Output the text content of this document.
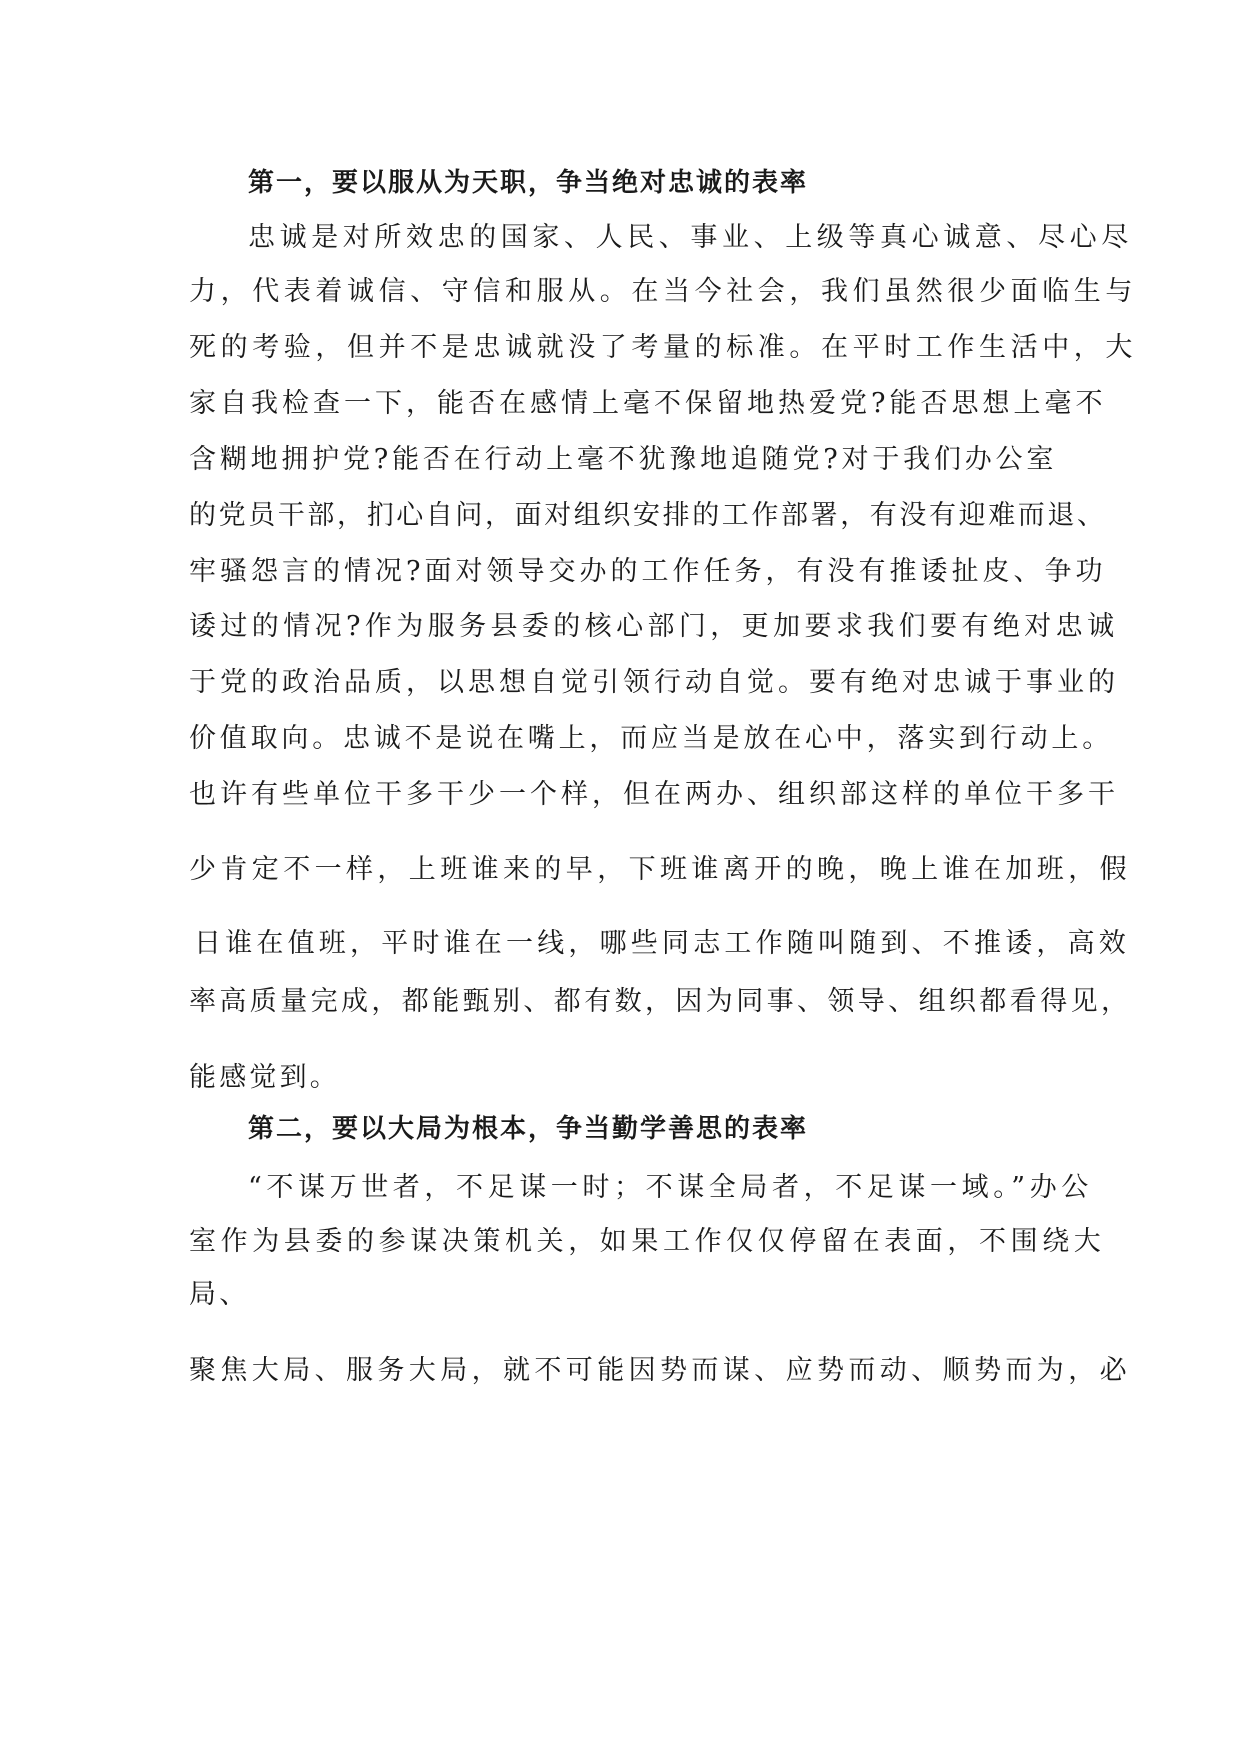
第一，要以服从为天职，争当绝对忠诚的表率
忠诚是对所效忠的国家、人民、事业、上级等真心诚意、尽心尽
力，代表着诚信、守信和服从。在当今社会，我们虽然很少面临生与
死的考验，但并不是忠诚就没了考量的标准。在平时工作生活中，大
家自我检查一下，能否在感情上毫不保留地热爱党?能否思想上毫不
含糊地拥护党?能否在行动上毫不犹豫地追随党?对于我们办公室
的党员干部，扪心自问，面对组织安排的工作部署，有没有迎难而退、
牢骚怨言的情况?面对领导交办的工作任务，有没有推诿扯皮、争功
诿过的情况?作为服务县委的核心部门，更加要求我们要有绝对忠诚
于党的政治品质，以思想自觉引领行动自觉。要有绝对忠诚于事业的
价值取向。忠诚不是说在嘴上，而应当是放在心中，落实到行动上。
也许有些单位干多干少一个样，但在两办、组织部这样的单位干多干
少肯定不一样，上班谁来的早，下班谁离开的晚，晚上谁在加班，假
日谁在值班，平时谁在一线，哪些同志工作随叫随到、不推诿，高效
率高质量完成，都能甄别、都有数，因为同事、领导、组织都看得见，
能感觉到。
第二，要以大局为根本，争当勤学善思的表率
“不谋万世者，不足谋一时；不谋全局者，不足谋一域。”办公
室作为县委的参谋决策机关，如果工作仅仅停留在表面，不围绕大
局、
聚焦大局、服务大局，就不可能因势而谋、应势而动、顺势而为，必
